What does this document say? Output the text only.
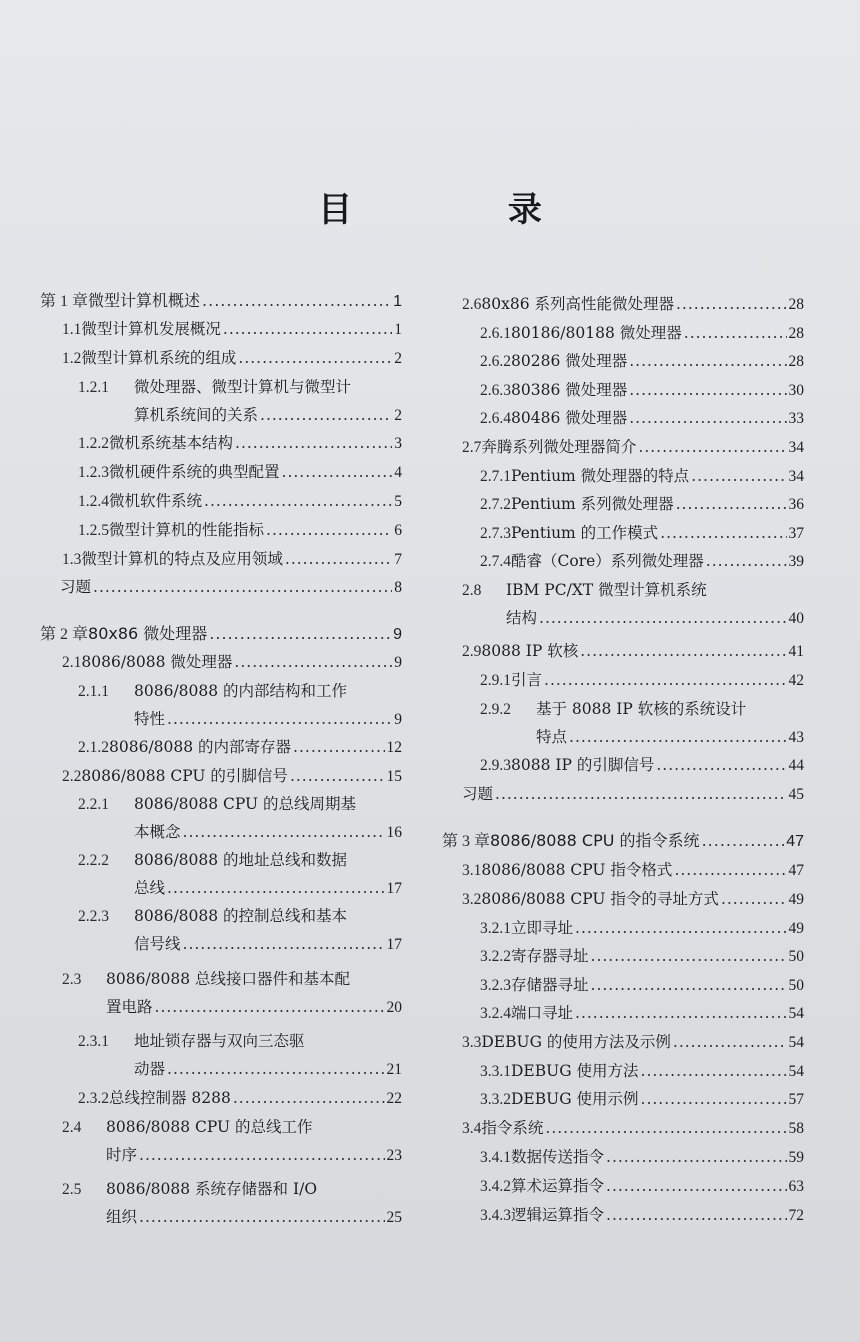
目 录
第 1 章 微型计算机概述 .....	1
1.1 微型计算机发展概况 .....	1
1.2 微型计算机系统的组成 .....	2
1.2.1	微处理器、微型计算机与微型计
算机系统间的关系 .....	2
1.2.2 微机系统基本结构 .....	3
1.2.3 微机硬件系统的典型配置 .....	4
1.2.4 微机软件系统 .....	5
1.2.5 微型计算机的性能指标 .....	6
1.3 微型计算机的特点及应用领域 .....	7
习题 .....	8
第 2 章 80x86 微处理器 .....	9
2.1 8086/8088 微处理器 .....	9
2.1.1	8086/8088 的内部结构和工作
特性 .....	9
2.1.2 8086/8088 的内部寄存器 .....	12
2.2 8086/8088 CPU 的引脚信号 .....	15
2.2.1	8086/8088 CPU 的总线周期基
本概念 .....	16
2.2.2	8086/8088 的地址总线和数据
总线 .....	17
2.2.3	8086/8088 的控制总线和基本
信号线 .....	17
2.3	8086/8088 总线接口器件和基本配
置电路 .....	20
2.3.1	地址锁存器与双向三态驱
动器 .....	21
2.3.2 总线控制器 8288 .....	22
2.4	8086/8088 CPU 的总线工作
时序 .....	23
2.5	8086/8088 系统存储器和 I/O
组织 .....	25
2.6 80x86 系列高性能微处理器 .....	28
2.6.1 80186/80188 微处理器 .....	28
2.6.2 80286 微处理器 .....	28
2.6.3 80386 微处理器 .....	30
2.6.4 80486 微处理器 .....	33
2.7 奔腾系列微处理器简介 .....	34
2.7.1 Pentium 微处理器的特点 .....	34
2.7.2 Pentium 系列微处理器 .....	36
2.7.3 Pentium 的工作模式 .....	37
2.7.4 酷睿（Core）系列微处理器 .....	39
2.8	IBM PC/XT 微型计算机系统
结构 .....	40
2.9 8088 IP 软核 .....	41
2.9.1 引言 .....	42
2.9.2	基于 8088 IP 软核的系统设计
特点 .....	43
2.9.3 8088 IP 的引脚信号 .....	44
习题 .....	45
第 3 章 8086/8088 CPU 的指令系统 .....	47
3.1 8086/8088 CPU 指令格式 .....	47
3.2 8086/8088 CPU 指令的寻址方式 .....	49
3.2.1 立即寻址 .....	49
3.2.2 寄存器寻址 .....	50
3.2.3 存储器寻址 .....	50
3.2.4 端口寻址 .....	54
3.3 DEBUG 的使用方法及示例 .....	54
3.3.1 DEBUG 使用方法 .....	54
3.3.2 DEBUG 使用示例 .....	57
3.4 指令系统 .....	58
3.4.1 数据传送指令 .....	59
3.4.2 算术运算指令 .....	63
3.4.3 逻辑运算指令 .....	72
